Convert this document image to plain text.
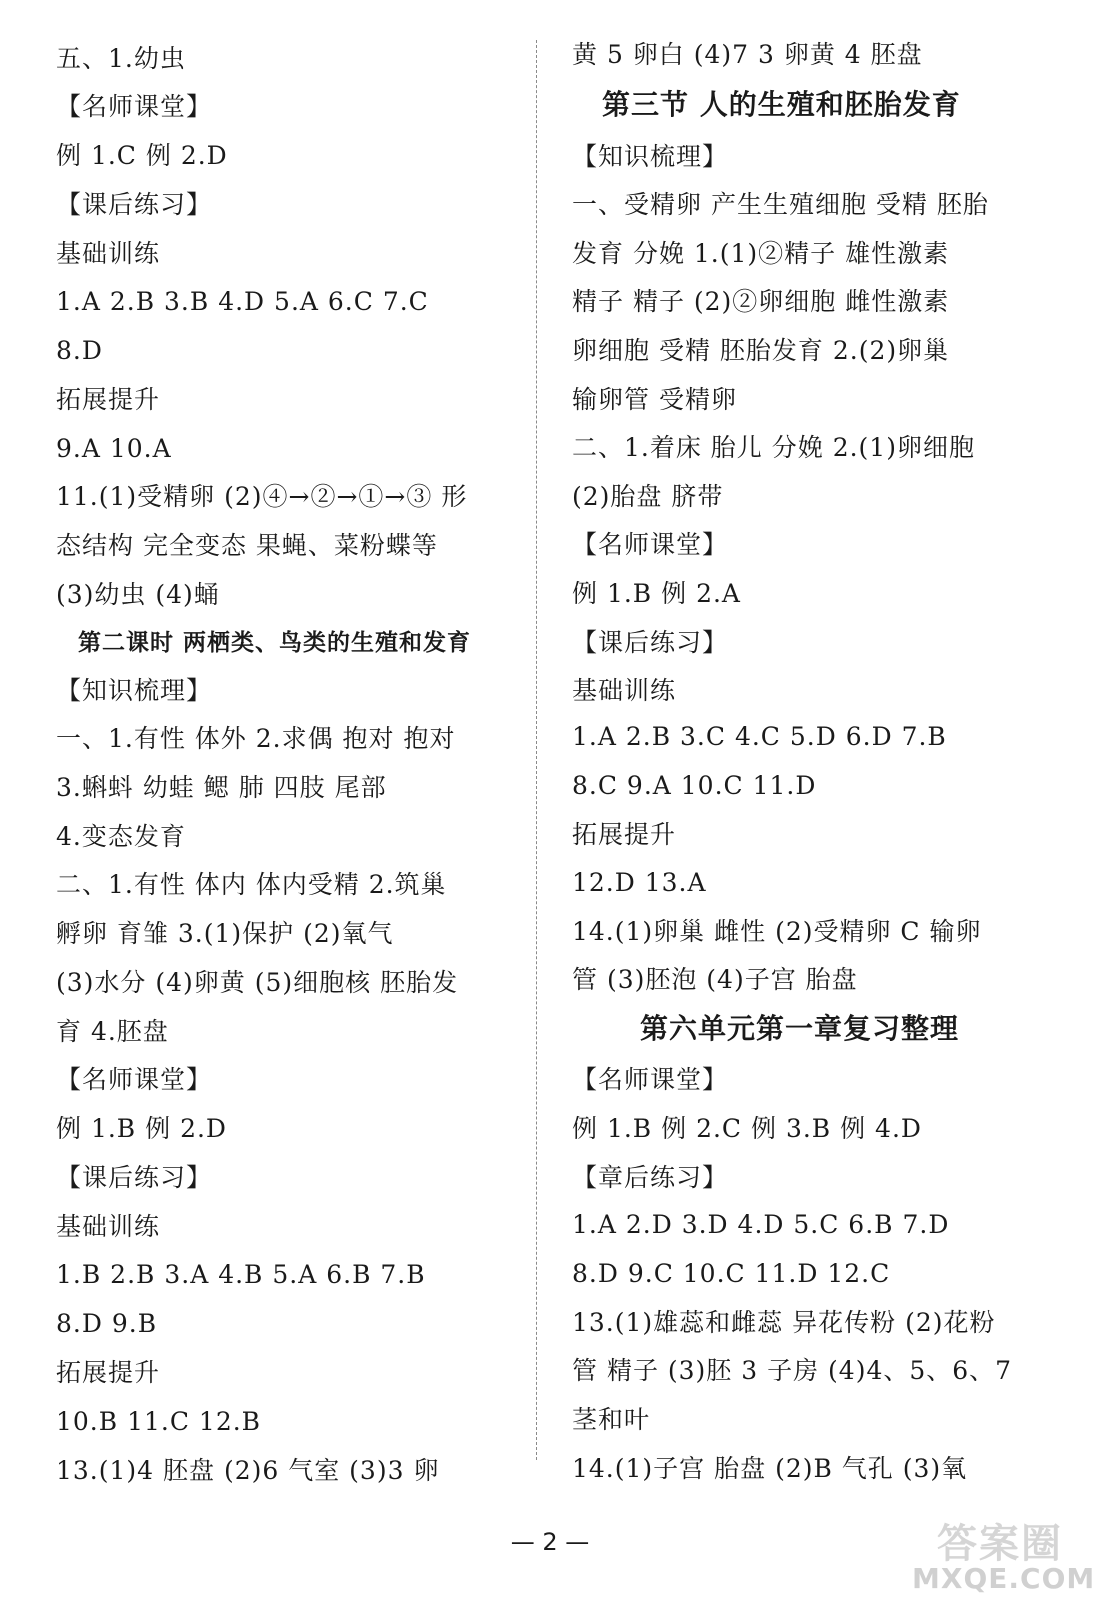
五、1.幼虫
【名师课堂】
例 1.C 例 2.D
【课后练习】
基础训练
1.A 2.B 3.B 4.D 5.A 6.C 7.C
8.D
拓展提升
9.A 10.A
11.(1)受精卵 (2)④→②→①→③ 形
态结构 完全变态 果蝇、菜粉蝶等
(3)幼虫 (4)蛹
第二课时 两栖类、鸟类的生殖和发育
【知识梳理】
一、1.有性 体外 2.求偶 抱对 抱对
3.蝌蚪 幼蛙 鳃 肺 四肢 尾部
4.变态发育
二、1.有性 体内 体内受精 2.筑巢
孵卵 育雏 3.(1)保护 (2)氧气
(3)水分 (4)卵黄 (5)细胞核 胚胎发
育 4.胚盘
【名师课堂】
例 1.B 例 2.D
【课后练习】
基础训练
1.B 2.B 3.A 4.B 5.A 6.B 7.B
8.D 9.B
拓展提升
10.B 11.C 12.B
13.(1)4 胚盘 (2)6 气室 (3)3 卵
黄 5 卵白 (4)7 3 卵黄 4 胚盘
第三节 人的生殖和胚胎发育
【知识梳理】
一、受精卵 产生生殖细胞 受精 胚胎
发育 分娩 1.(1)②精子 雄性激素
精子 精子 (2)②卵细胞 雌性激素
卵细胞 受精 胚胎发育 2.(2)卵巢
输卵管 受精卵
二、1.着床 胎儿 分娩 2.(1)卵细胞
(2)胎盘 脐带
【名师课堂】
例 1.B 例 2.A
【课后练习】
基础训练
1.A 2.B 3.C 4.C 5.D 6.D 7.B
8.C 9.A 10.C 11.D
拓展提升
12.D 13.A
14.(1)卵巢 雌性 (2)受精卵 C 输卵
管 (3)胚泡 (4)子宫 胎盘
第六单元第一章复习整理
【名师课堂】
例 1.B 例 2.C 例 3.B 例 4.D
【章后练习】
1.A 2.D 3.D 4.D 5.C 6.B 7.D
8.D 9.C 10.C 11.D 12.C
13.(1)雄蕊和雌蕊 异花传粉 (2)花粉
管 精子 (3)胚 3 子房 (4)4、5、6、7
茎和叶
14.(1)子宫 胎盘 (2)B 气孔 (3)氧
— 2 —	答案圈
MXQE.COM
